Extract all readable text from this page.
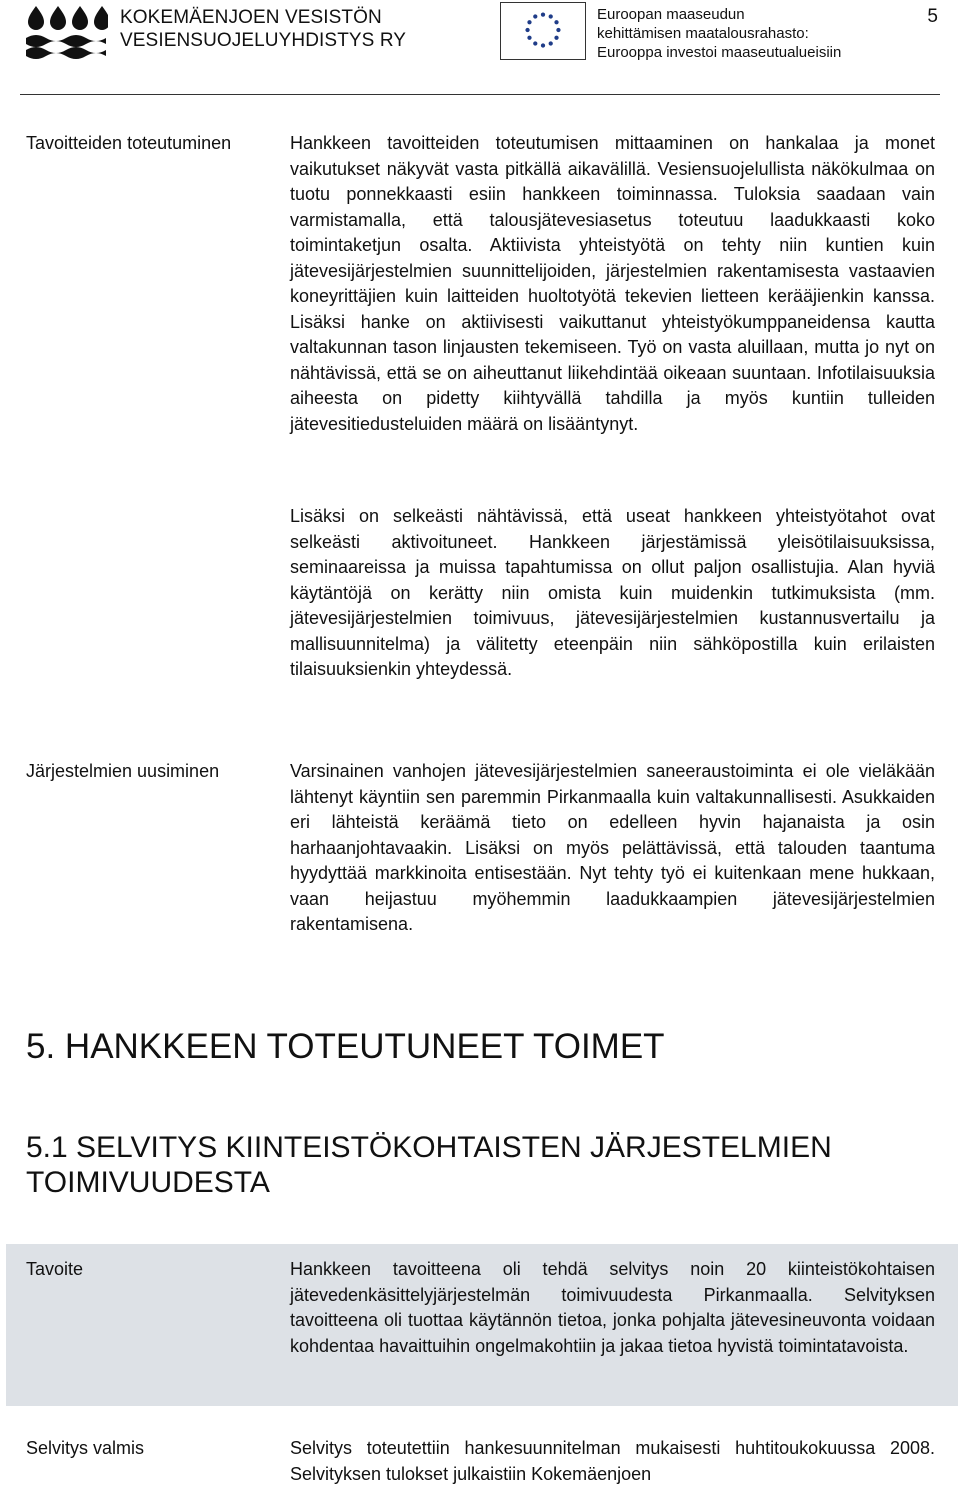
KOKEMÄENJOEN VESISTÖN
VESIENSUOJELUYHDISTYS RY
Euroopan maaseudun
kehittämisen maatalousrahasto:
Eurooppa investoi maaseutualueisiin
5
Tavoitteiden toteutuminen	Hankkeen tavoitteiden toteutumisen mittaaminen on hankalaa ja monet vaikutukset näkyvät vasta pitkällä aikavälillä. Vesiensuojelullista näkökulmaa on tuotu ponnekkaasti esiin hankkeen toiminnassa. Tuloksia saadaan vain varmistamalla, että talousjätevesiasetus toteutuu laadukkaasti koko toimintaketjun osalta. Aktiivista yhteistyötä on tehty niin kuntien kuin jätevesijärjestelmien suunnittelijoiden, järjestelmien rakentamisesta vastaavien koneyrittäjien kuin laitteiden huoltotyötä tekevien lietteen kerääjienkin kanssa. Lisäksi hanke on aktiivisesti vaikuttanut yhteistyökumppaneidensa kautta valtakunnan tason linjausten tekemiseen. Työ on vasta aluillaan, mutta jo nyt on nähtävissä, että se on aiheuttanut liikehdintää oikeaan suuntaan. Infotilaisuuksia aiheesta on pidetty kiihtyvällä tahdilla ja myös kuntiin tulleiden jätevesitiedusteluiden määrä on lisääntynyt.
Lisäksi on selkeästi nähtävissä, että useat hankkeen yhteistyötahot ovat selkeästi aktivoituneet. Hankkeen järjestämissä yleisötilaisuuksissa, seminaareissa ja muissa tapahtumissa on ollut paljon osallistujia. Alan hyviä käytäntöjä on kerätty niin omista kuin muidenkin tutkimuksista (mm. jätevesijärjestelmien toimivuus, jätevesijärjestelmien kustannusvertailu ja mallisuunnitelma) ja välitetty eteenpäin niin sähköpostilla kuin erilaisten tilaisuuksienkin yhteydessä.
Järjestelmien uusiminen	Varsinainen vanhojen jätevesijärjestelmien saneeraustoiminta ei ole vieläkään lähtenyt käyntiin sen paremmin Pirkanmaalla kuin valtakunnallisesti. Asukkaiden eri lähteistä keräämä tieto on edelleen hyvin hajanaista ja osin harhaanjohtavaakin. Lisäksi on myös pelättävissä, että talouden taantuma hyydyttää markkinoita entisestään. Nyt tehty työ ei kuitenkaan mene hukkaan, vaan heijastuu myöhemmin laadukkaampien jätevesijärjestelmien rakentamisena.
5. HANKKEEN TOTEUTUNEET TOIMET
5.1 SELVITYS KIINTEISTÖKOHTAISTEN JÄRJESTELMIEN TOIMIVUUDESTA
Tavoite	Hankkeen tavoitteena oli tehdä selvitys noin 20 kiinteistökohtaisen jätevedenkäsittelyjärjestelmän toimivuudesta Pirkanmaalla. Selvityksen tavoitteena oli tuottaa käytännön tietoa, jonka pohjalta jätevesineuvonta voidaan kohdentaa havaittuihin ongelmakohtiin ja jakaa tietoa hyvistä toimintatavoista.
Selvitys valmis	Selvitys toteutettiin hankesuunnitelman mukaisesti huhtitoukokuussa 2008. Selvityksen tulokset julkaistiin Kokemäenjoen
